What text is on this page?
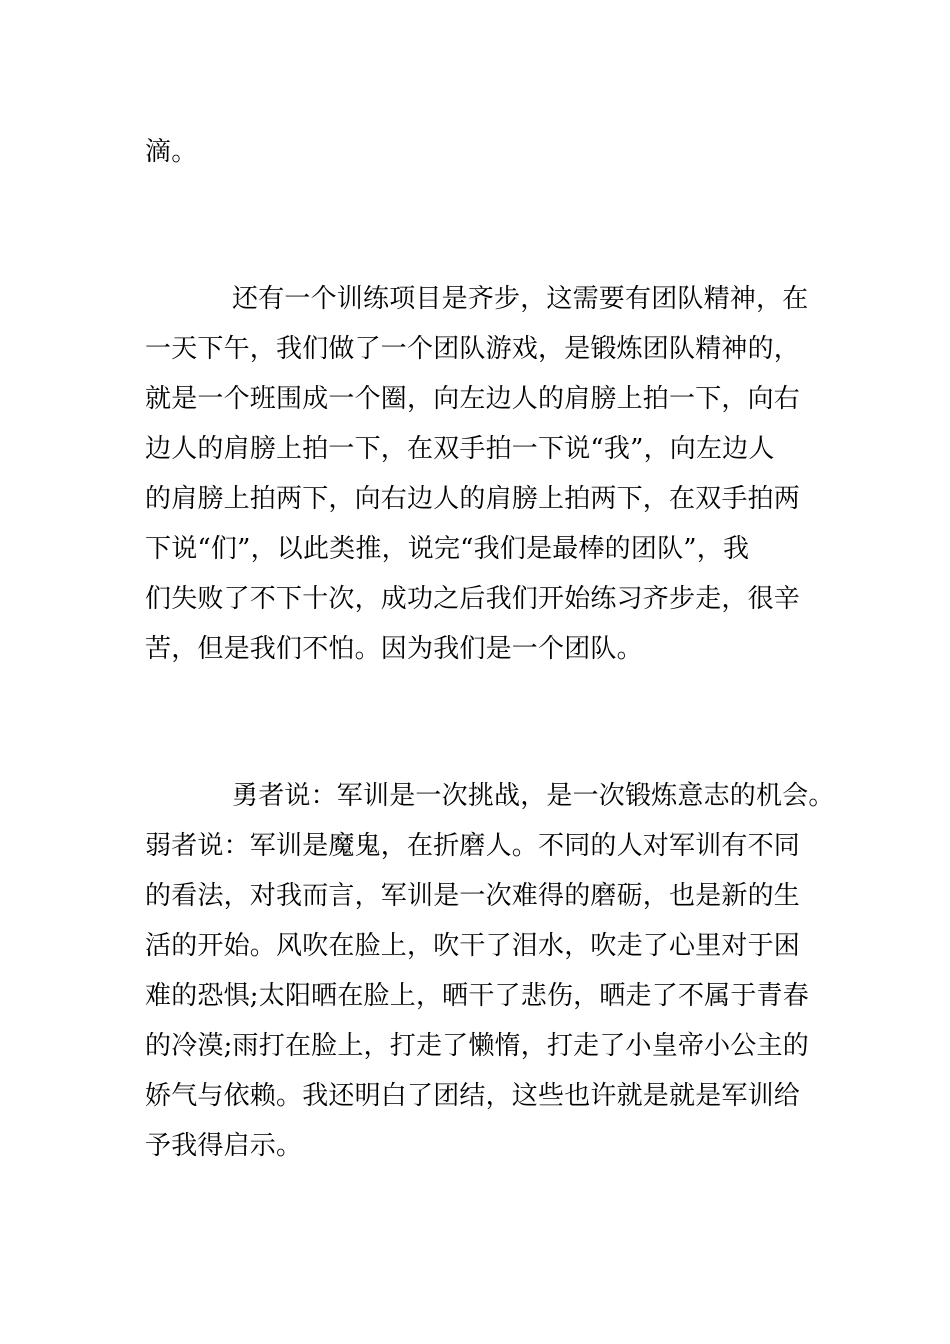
滴。
还有一个训练项目是齐步，这需要有团队精神，在
一天下午，我们做了一个团队游戏，是锻炼团队精神的，
就是一个班围成一个圈，向左边人的肩膀上拍一下，向右
边人的肩膀上拍一下，在双手拍一下说“我”，向左边人
的肩膀上拍两下，向右边人的肩膀上拍两下，在双手拍两
下说“们”，以此类推，说完“我们是最棒的团队”，我
们失败了不下十次，成功之后我们开始练习齐步走，很辛
苦，但是我们不怕。因为我们是一个团队。
勇者说：军训是一次挑战，是一次锻炼意志的机会。
弱者说：军训是魔鬼，在折磨人。不同的人对军训有不同
的看法，对我而言，军训是一次难得的磨砺，也是新的生
活的开始。风吹在脸上，吹干了泪水，吹走了心里对于困
难的恐惧;太阳晒在脸上，晒干了悲伤，晒走了不属于青春
的冷漠;雨打在脸上，打走了懒惰，打走了小皇帝小公主的
娇气与依赖。我还明白了团结，这些也许就是就是军训给
予我得启示。
